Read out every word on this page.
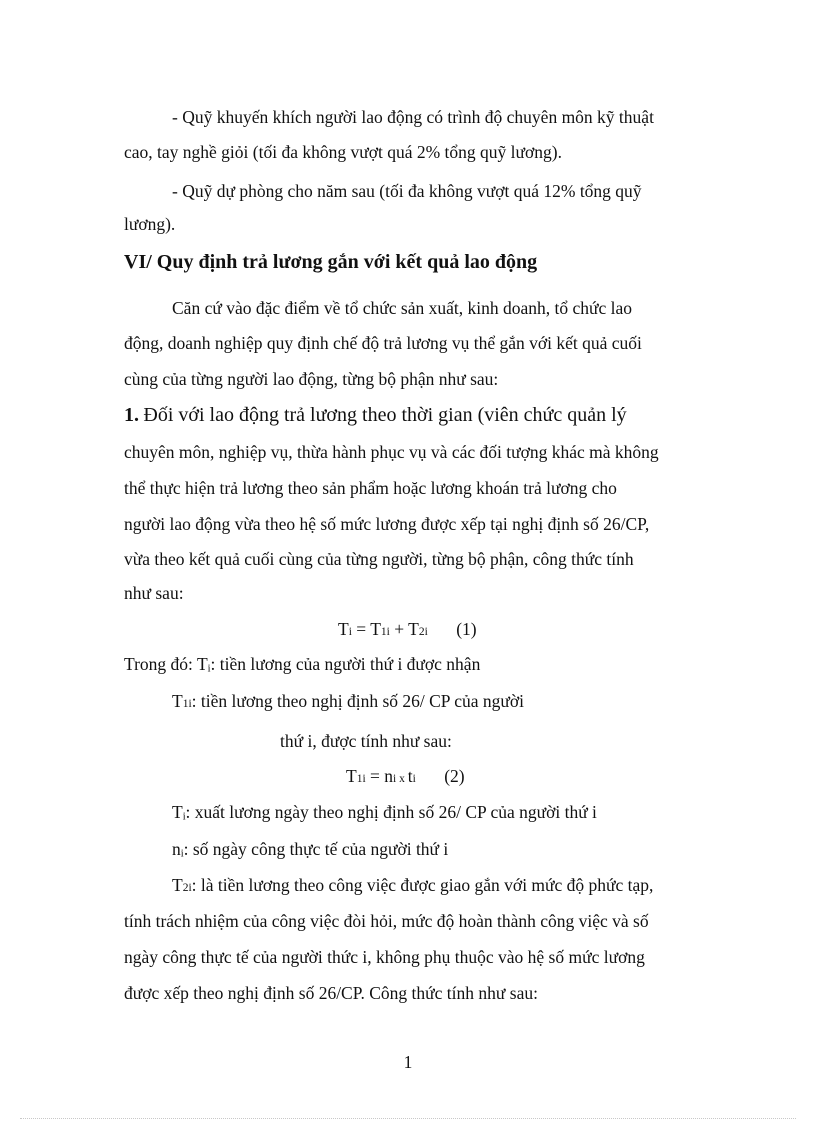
- Quỹ khuyến khích người lao động có trình độ chuyên môn kỹ thuật
cao, tay nghề giỏi (tối đa không vượt quá 2% tổng quỹ lương).
- Quỹ dự phòng cho năm sau (tối đa không vượt quá 12% tổng quỹ
lương).
VI/ Quy định trả lương gắn với kết quả lao động
Căn cứ vào đặc điểm về tổ chức sản xuất, kinh doanh, tổ chức lao
động, doanh nghiệp quy định chế độ trả lương vụ thể gắn với kết quả cuối
cùng của từng người lao động, từng bộ phận như sau:
1. Đối với lao động trả lương theo thời gian (viên chức quản lý
chuyên môn, nghiệp vụ, thừa hành phục vụ và các đối tượng khác mà không
thể thực hiện trả lương theo sản phẩm hoặc lương khoán trả lương cho
người lao động vừa theo hệ số mức lương được xếp tại nghị định số 26/CP,
vừa theo kết quả cuối cùng của từng người, từng bộ phận, công thức tính
như sau:
Ti = T1i + T2i (1)
Trong đó: Tᵢ: tiền lương của người thứ i được nhận
T1i: tiền lương theo nghị định số 26/ CP của người
thứ i, được tính như sau:
T1i = ni x ti (2)
Tᵢ: xuất lương ngày theo nghị định số 26/ CP của người thứ i
nᵢ: số ngày công thực tế của người thứ i
T2i: là tiền lương theo công việc được giao gắn với mức độ phức tạp,
tính trách nhiệm của công việc đòi hỏi, mức độ hoàn thành công việc và số
ngày công thực tế của người thức i, không phụ thuộc vào hệ số mức lương
được xếp theo nghị định số 26/CP. Công thức tính như sau:
1
